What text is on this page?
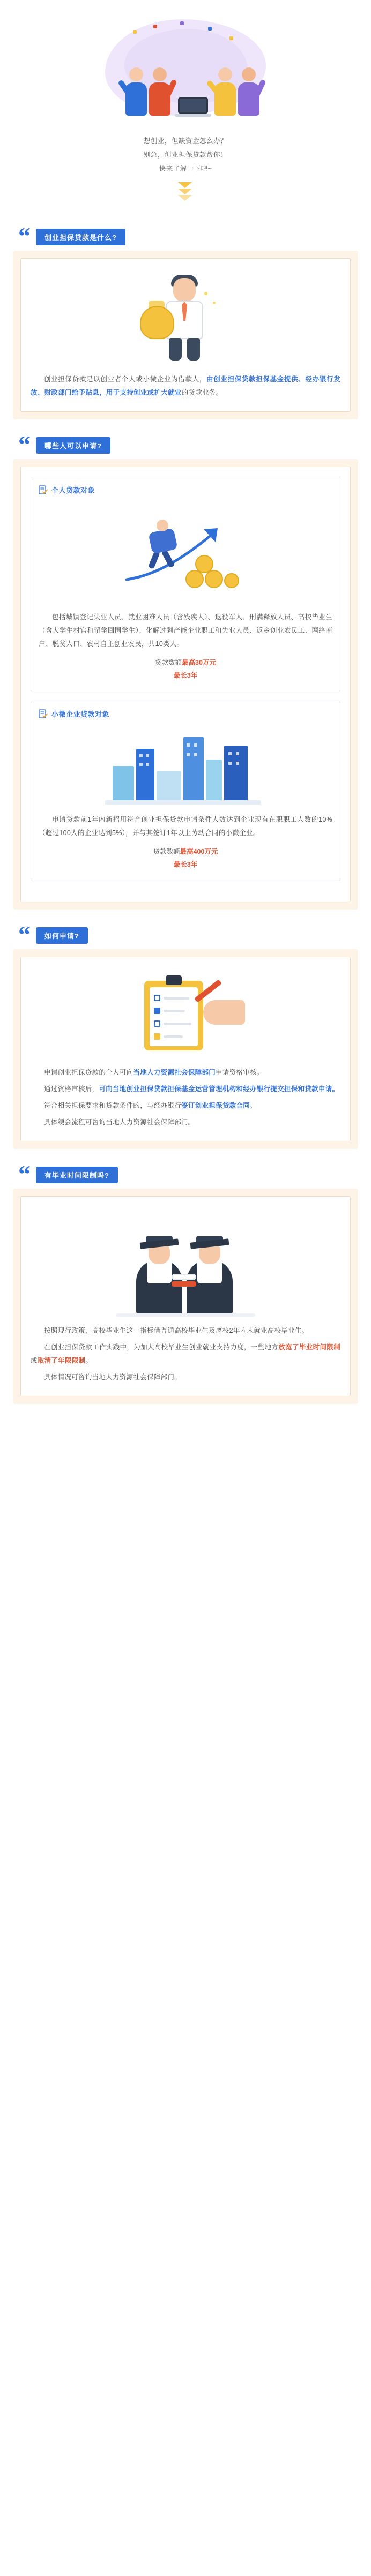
想创业，但缺资金怎么办？
别急，创业担保贷款帮你！
快来了解一下吧~
“	创业担保贷款是什么?

创业担保贷款是以创业者个人或小微企业为借款人，由创业担保贷款担保基金提供、经办银行发放、财政部门给予贴息，用于支持创业或扩大就业的贷款业务。

“	哪些人可以申请?
个人贷款对象

包括城镇登记失业人员、就业困难人员（含残疾人）、退役军人、刑满释放人员、高校毕业生（含大学生村官和留学回国学生）、化解过剩产能企业职工和失业人员、返乡创业农民工、网络商户、脱贫人口、农村自主创业农民，共10类人。

贷款数额最高30万元
最长3年
小微企业贷款对象

申请贷款前1年内新招用符合创业担保贷款申请条件人数达到企业现有在职职工人数的10%（超过100人的企业达到5%），并与其签订1年以上劳动合同的小微企业。

贷款数额最高400万元
最长3年
“	如何申请?

申请创业担保贷款的个人可向当地人力资源社会保障部门申请资格审核。

通过资格审核后，可向当地创业担保贷款担保基金运营管理机构和经办银行提交担保和贷款申请。

符合相关担保要求和贷款条件的，与经办银行签订创业担保贷款合同。

具体绠会流程可咨询当地人力资源社会保障部门。

“	有毕业时间限制吗?

按照现行政策，高校毕业生这一指标借普通高校毕业生及离校2年内未就业高校毕业生。

在创业担保贷款工作实践中，为加大高校毕业生创业就业支持力度，一些地方放宽了毕业时间限制或取消了年限限制。

具体情况可咨询当地人力资源社会保障部门。
